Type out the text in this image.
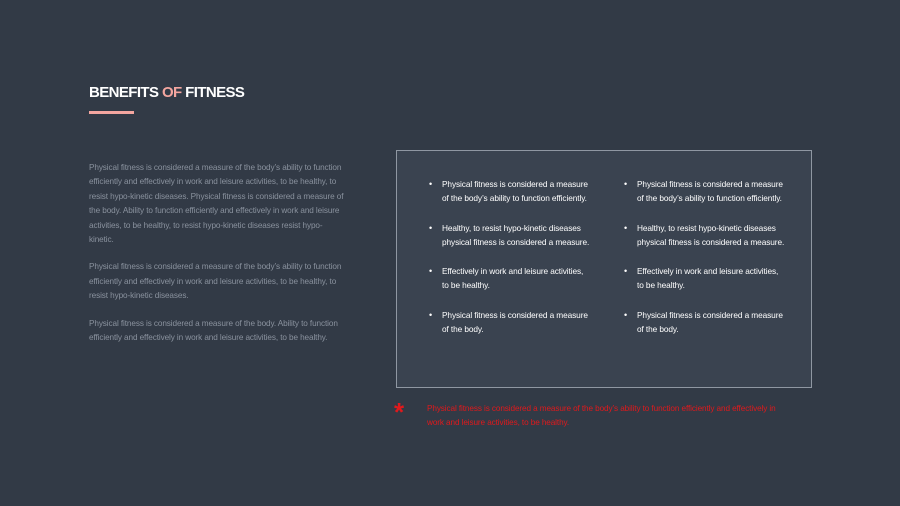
BENEFITS OF FITNESS

Physical fitness is considered a measure of the body’s ability to function efficiently and effectively in work and leisure activities, to be healthy, to resist hypo-kinetic diseases. Physical fitness is considered a measure of the body. Ability to function efficiently and effectively in work and leisure activities, to be healthy, to resist hypo-kinetic diseases resist hypo-kinetic.

Physical fitness is considered a measure of the body’s ability to function efficiently and effectively in work and leisure activities, to be healthy, to resist hypo-kinetic diseases.

Physical fitness is considered a measure of the body. Ability to function efficiently and effectively in work and leisure activities, to be healthy.

• Physical fitness is considered a measure of the body’s ability to function efficiently.
• Healthy, to resist hypo-kinetic diseases physical fitness is considered a measure.
• Effectively in work and leisure activities, to be healthy.
• Physical fitness is considered a measure of the body.
• Physical fitness is considered a measure of the body’s ability to function efficiently.
• Healthy, to resist hypo-kinetic diseases physical fitness is considered a measure.
• Effectively in work and leisure activities, to be healthy.
• Physical fitness is considered a measure of the body.
*	Physical fitness is considered a measure of the body’s ability to function efficiently and effectively in work and leisure activities, to be healthy.
